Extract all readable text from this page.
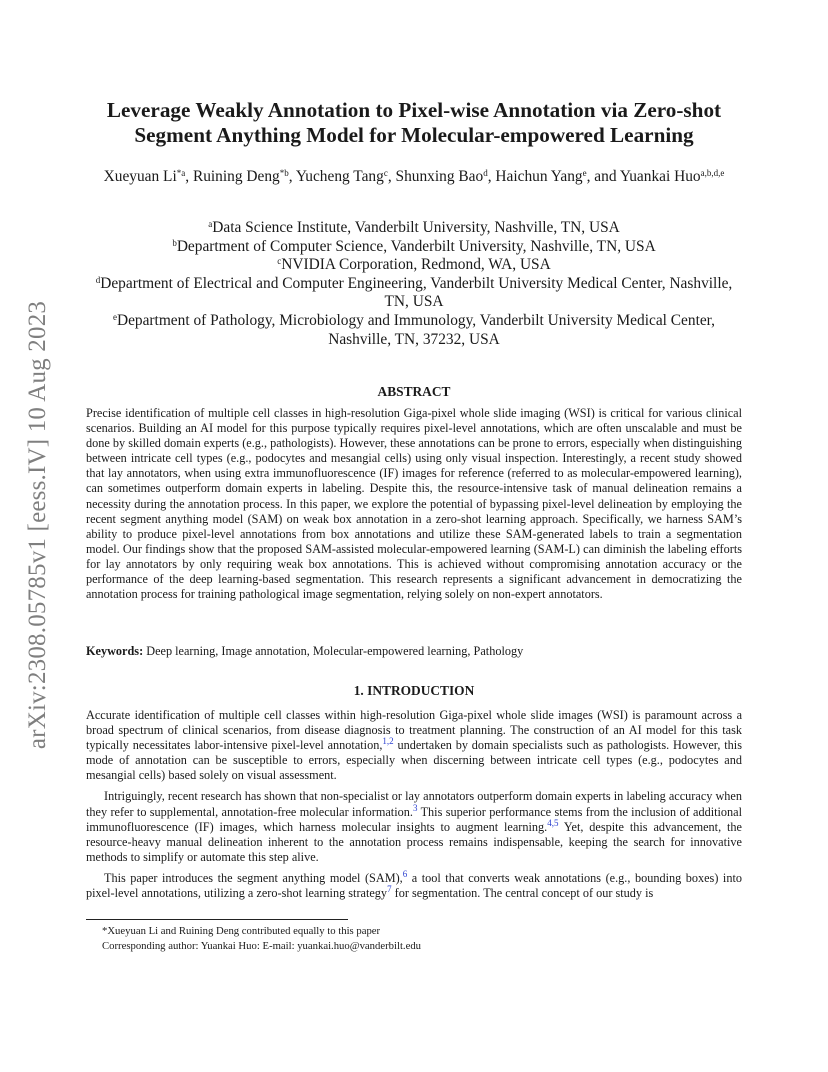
arXiv:2308.05785v1 [eess.IV] 10 Aug 2023
Leverage Weakly Annotation to Pixel-wise Annotation via Zero-shot
Segment Anything Model for Molecular-empowered Learning
Xueyuan Li$^{*a}$, Ruining Deng$^{*b}$, Yucheng Tang$^c$, Shunxing Bao$^d$, Haichun Yang$^e$, and Yuankai Huo$^{a,b,d,e}$
$^a$Data Science Institute, Vanderbilt University, Nashville, TN, USA
$^b$Department of Computer Science, Vanderbilt University, Nashville, TN, USA
$^c$NVIDIA Corporation, Redmond, WA, USA
$^d$Department of Electrical and Computer Engineering, Vanderbilt University Medical Center, Nashville, TN, USA
$^e$Department of Pathology, Microbiology and Immunology, Vanderbilt University Medical Center, Nashville, TN, 37232, USA
ABSTRACT

Precise identification of multiple cell classes in high-resolution Giga-pixel whole slide imaging (WSI) is critical for various clinical scenarios. Building an AI model for this purpose typically requires pixel-level annotations, which are often unscalable and must be done by skilled domain experts (e.g., pathologists). However, these annotations can be prone to errors, especially when distinguishing between intricate cell types (e.g., podocytes and mesangial cells) using only visual inspection. Interestingly, a recent study showed that lay annotators, when using extra immunofluorescence (IF) images for reference (referred to as molecular-empowered learning), can sometimes outperform domain experts in labeling. Despite this, the resource-intensive task of manual delineation remains a necessity during the annotation process. In this paper, we explore the potential of bypassing pixel-level delineation by employing the recent segment anything model (SAM) on weak box annotation in a zero-shot learning approach. Specifically, we harness SAM’s ability to produce pixel-level annotations from box annotations and utilize these SAM-generated labels to train a segmentation model. Our findings show that the proposed SAM-assisted molecular-empowered learning (SAM-L) can diminish the labeling efforts for lay annotators by only requiring weak box annotations. This is achieved without compromising annotation accuracy or the performance of the deep learning-based segmentation. This research represents a significant advancement in democratizing the annotation process for training pathological image segmentation, relying solely on non-expert annotators.

Keywords: Deep learning, Image annotation, Molecular-empowered learning, Pathology
1. INTRODUCTION

Accurate identification of multiple cell classes within high-resolution Giga-pixel whole slide images (WSI) is paramount across a broad spectrum of clinical scenarios, from disease diagnosis to treatment planning. The construction of an AI model for this task typically necessitates labor-intensive pixel-level annotation,$^{1,2}$ undertaken by domain specialists such as pathologists. However, this mode of annotation can be susceptible to errors, especially when discerning between intricate cell types (e.g., podocytes and mesangial cells) based solely on visual assessment.

Intriguingly, recent research has shown that non-specialist or lay annotators outperform domain experts in labeling accuracy when they refer to supplemental, annotation-free molecular information.$^3$ This superior performance stems from the inclusion of additional immunofluorescence (IF) images, which harness molecular insights to augment learning.$^{4,5}$ Yet, despite this advancement, the resource-heavy manual delineation inherent to the annotation process remains indispensable, keeping the search for innovative methods to simplify or automate this step alive.

This paper introduces the segment anything model (SAM),$^6$ a tool that converts weak annotations (e.g., bounding boxes) into pixel-level annotations, utilizing a zero-shot learning strategy$^7$ for segmentation. The central concept of our study is

*Xueyuan Li and Ruining Deng contributed equally to this paper
Corresponding author: Yuankai Huo: E-mail: yuankai.huo@vanderbilt.edu
